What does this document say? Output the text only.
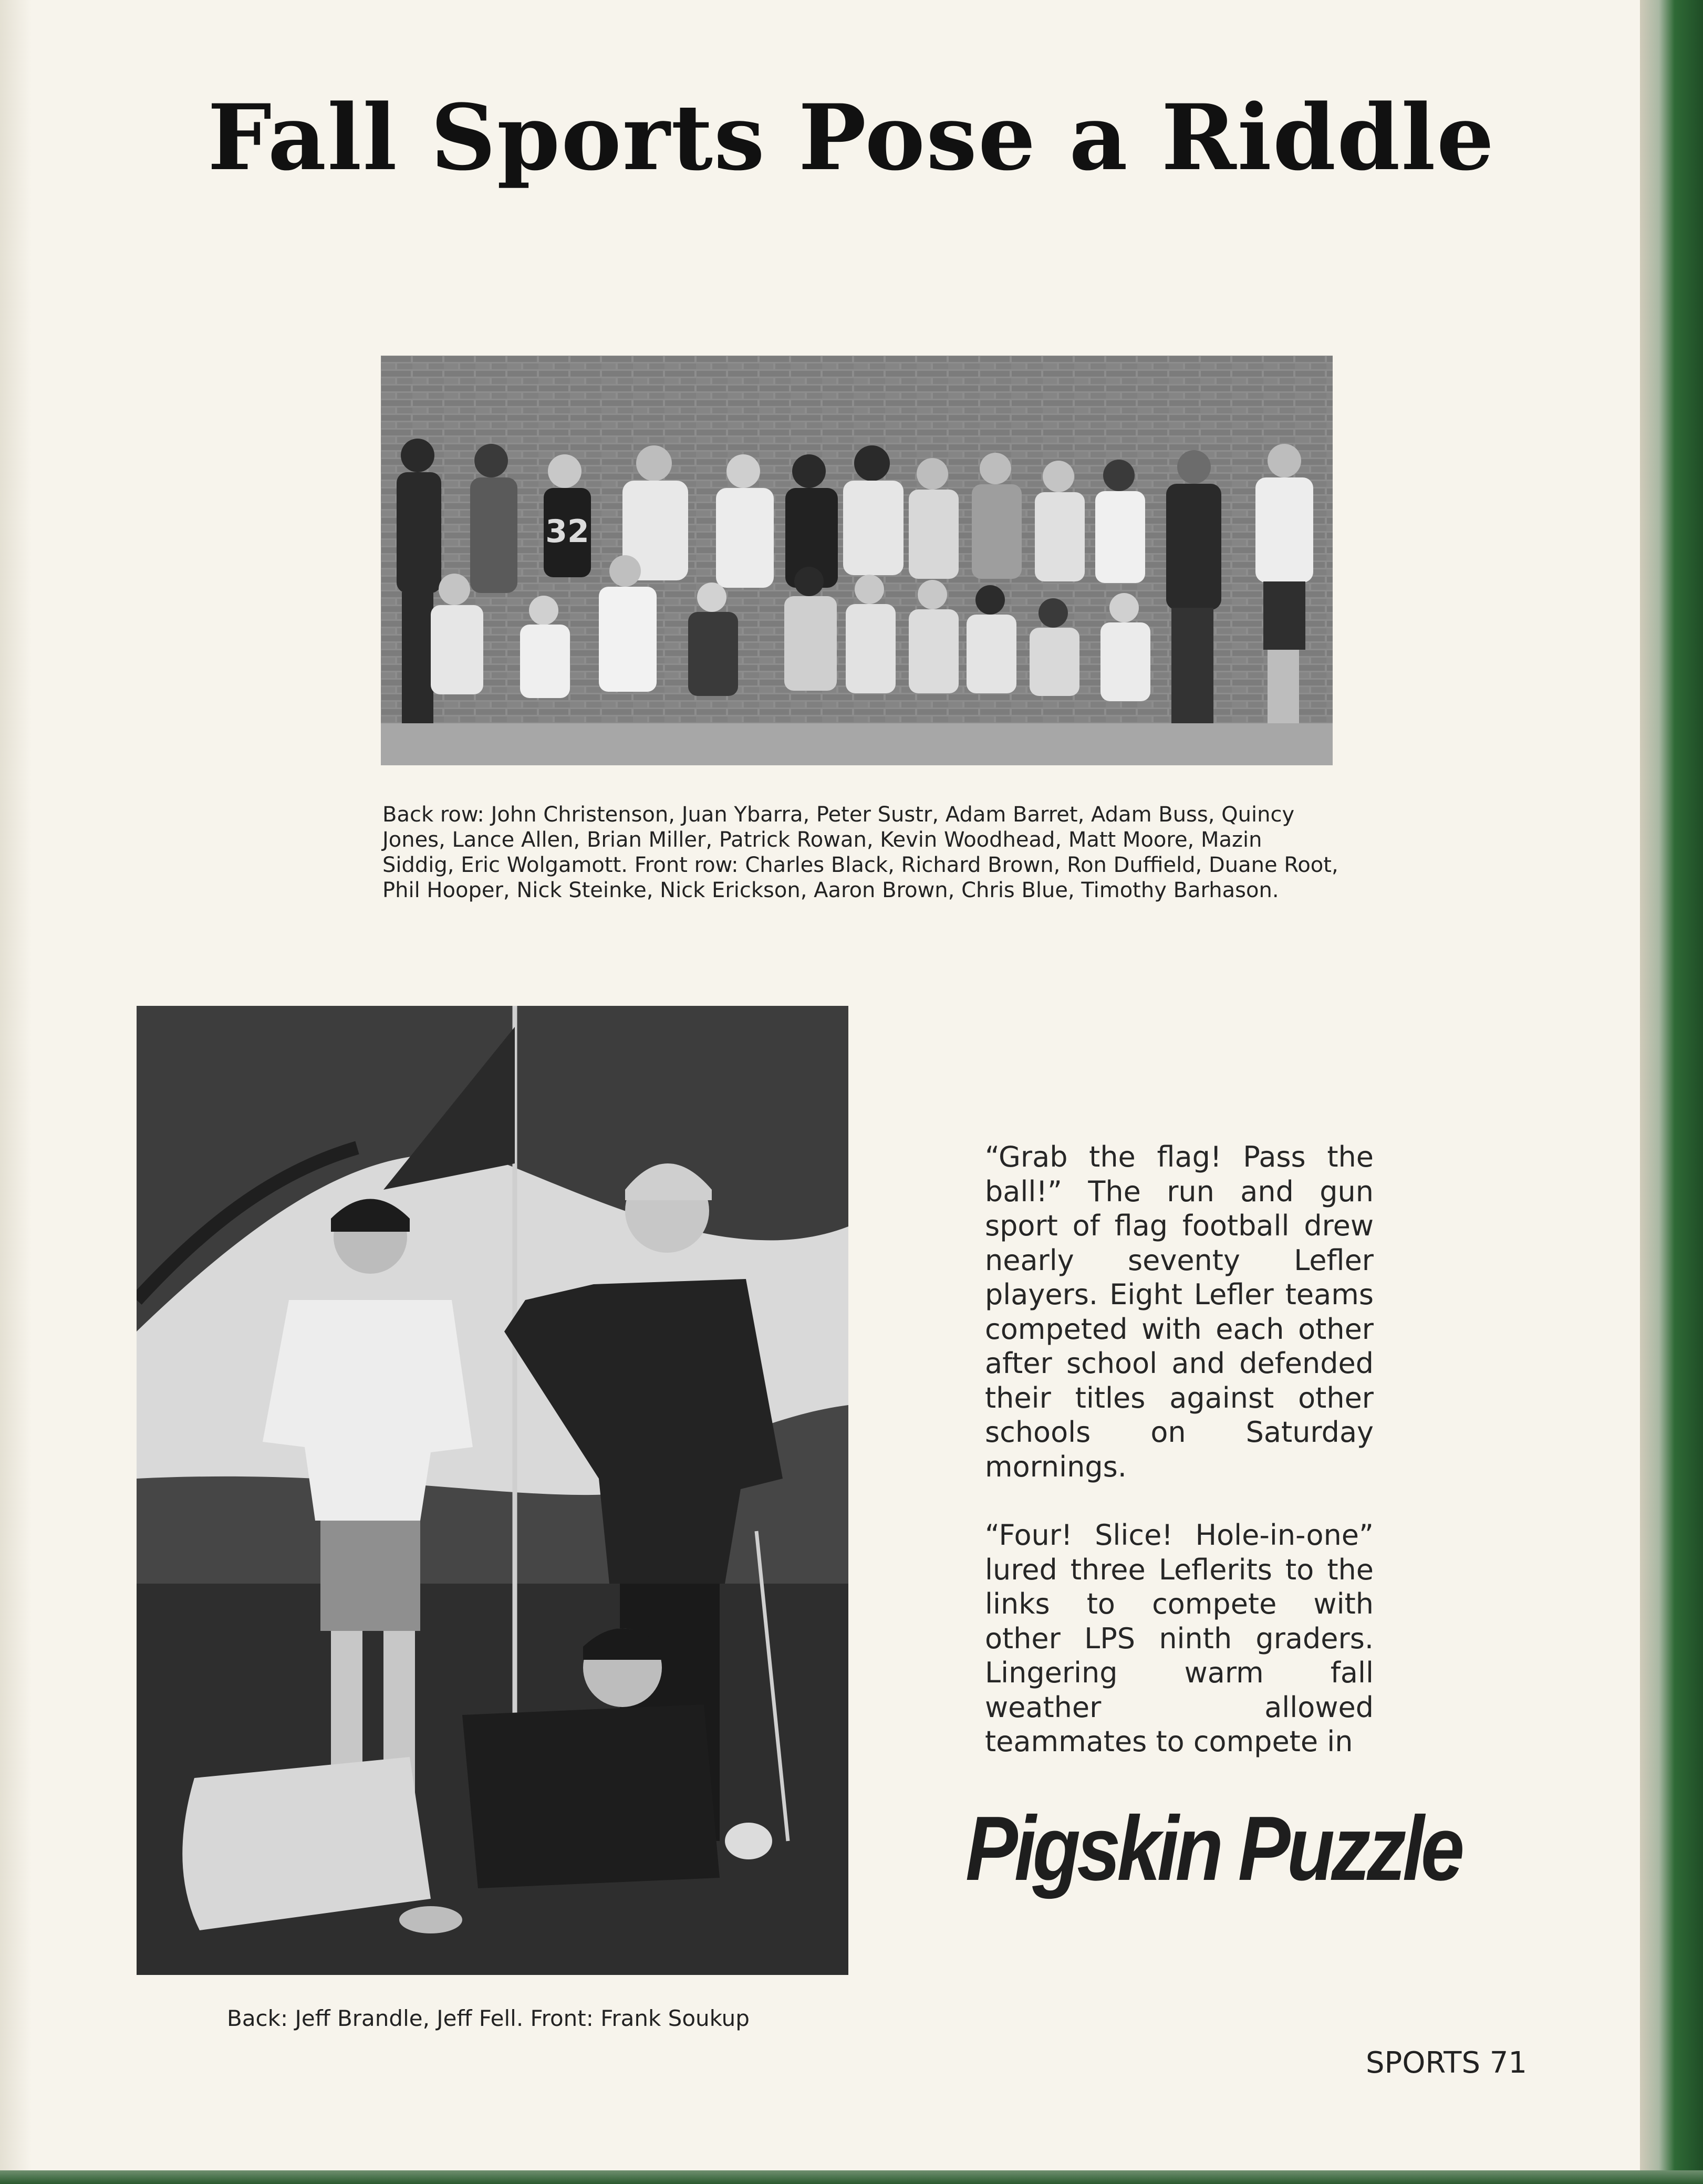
Fall Sports Pose a Riddle
32
Back row: John Christenson, Juan Ybarra, Peter Sustr, Adam Barret, Adam Buss, Quincy Jones, Lance Allen, Brian Miller, Patrick Rowan, Kevin Woodhead, Matt Moore, Mazin Siddig, Eric Wolgamott. Front row: Charles Black, Richard Brown, Ron Duffield, Duane Root, Phil Hooper, Nick Steinke, Nick Erickson, Aaron Brown, Chris Blue, Timothy Barhason.
Back: Jeff Brandle, Jeff Fell. Front: Frank Soukup

“Grab the flag! Pass the ball!” The run and gun sport of flag football drew nearly seventy Lefler players. Eight Lefler teams competed with each other after school and defended their titles against other schools on Saturday mornings.

“Four! Slice! Hole-in-one” lured three Leflerits to the links to compete with other LPS ninth graders. Lingering warm fall weather allowed teammates to compete in

Pigskin Puzzle
SPORTS 71
